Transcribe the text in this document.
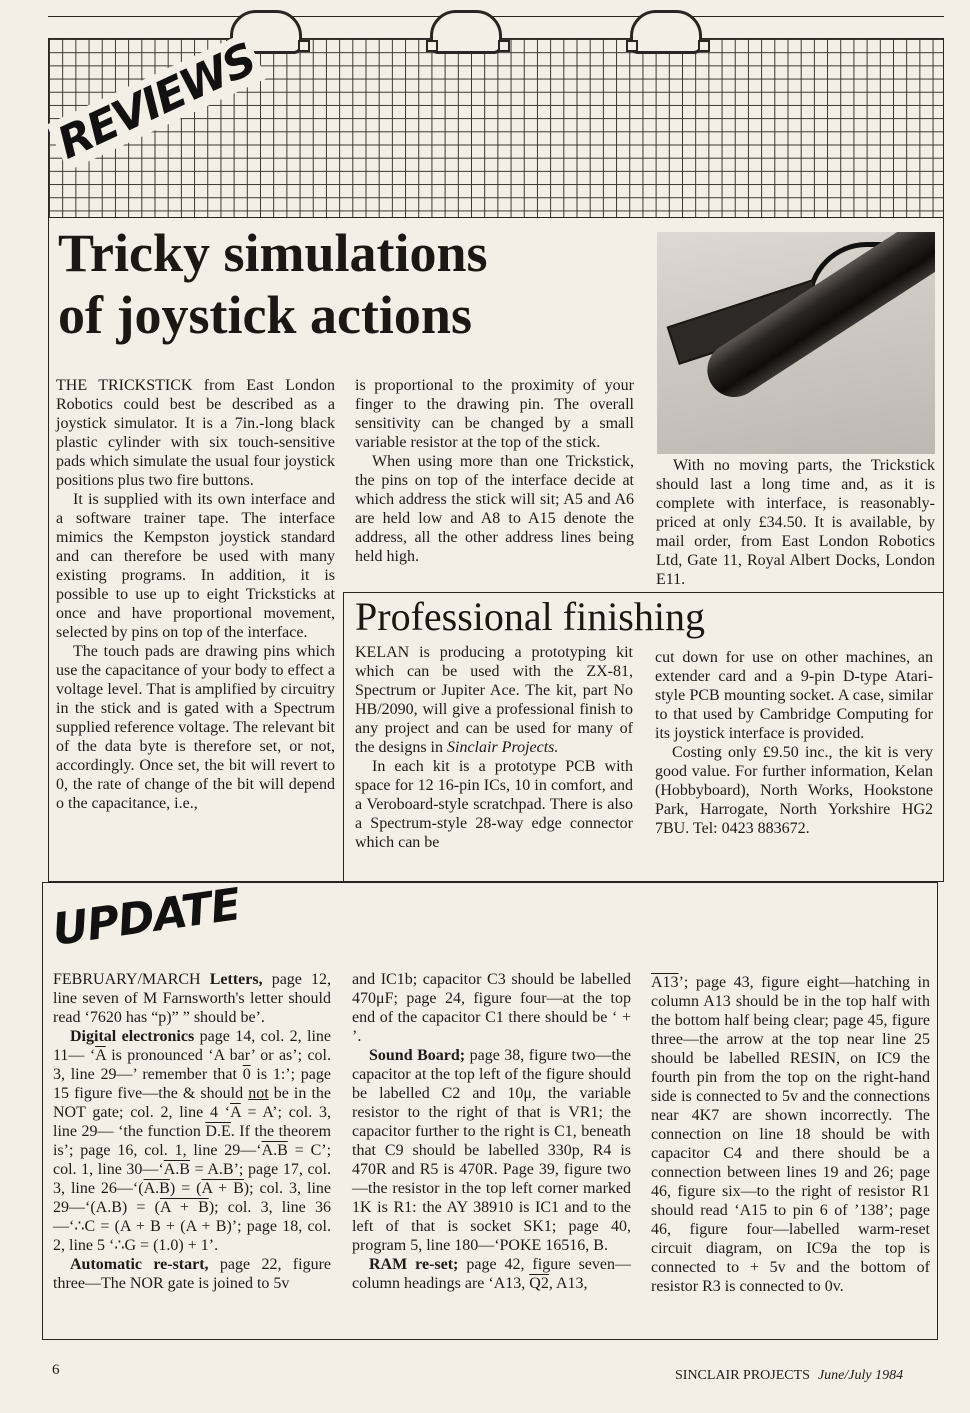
REVIEWS
Tricky simulations
of joystick actions

THE TRICKSTICK from East London Robotics could best be described as a joystick simulator. It is a 7in.-long black plastic cylinder with six touch-sensitive pads which simulate the usual four joystick positions plus two fire buttons.

It is supplied with its own interface and a software trainer tape. The interface mimics the Kempston joystick standard and can therefore be used with many existing programs. In addition, it is possible to use up to eight Tricksticks at once and have proportional movement, selected by pins on top of the interface.

The touch pads are drawing pins which use the capacitance of your body to effect a voltage level. That is amplified by circuitry in the stick and is gated with a Spectrum supplied reference voltage. The relevant bit of the data byte is therefore set, or not, accordingly. Once set, the bit will revert to 0, the rate of change of the bit will depend o the capacitance, i.e.,

is proportional to the proximity of your finger to the drawing pin. The overall sensitivity can be changed by a small variable resistor at the top of the stick.

When using more than one Trickstick, the pins on top of the interface decide at which address the stick will sit; A5 and A6 are held low and A8 to A15 denote the address, all the other address lines being held high.

With no moving parts, the Trickstick should last a long time and, as it is complete with interface, is reasonably-priced at only £34.50. It is available, by mail order, from East London Robotics Ltd, Gate 11, Royal Albert Docks, London E11.

Professional finishing

KELAN is producing a prototyping kit which can be used with the ZX-81, Spectrum or Jupiter Ace. The kit, part No HB/2090, will give a professional finish to any project and can be used for many of the designs in Sinclair Projects.

In each kit is a prototype PCB with space for 12 16-pin ICs, 10 in comfort, and a Veroboard-style scratchpad. There is also a Spectrum-style 28-way edge connector which can be

cut down for use on other machines, an extender card and a 9-pin D-type Atari-style PCB mounting socket. A case, similar to that used by Cambridge Computing for its joystick interface is provided.

Costing only £9.50 inc., the kit is very good value. For further information, Kelan (Hobbyboard), North Works, Hookstone Park, Harrogate, North Yorkshire HG2 7BU. Tel: 0423 883672.

UPDATE

FEBRUARY/MARCH Letters, page 12, line seven of M Farnsworth's letter should read ‘7620 has “p)” ” should be’.

Digital electronics page 14, col. 2, line 11— ‘$\overline{A}$ is pronounced ‘A bar’ or as’; col. 3, line 29—’ remember that 0 is 1:’; page 15 figure five—the & should not be in the NOT gate; col. 2, line 4 ‘$\overline{A} = A$’; col. 3, line 29— ‘the function D.E. If the theorem is’; page 16, col. 1, line 29—‘A.B = C’; col. 1, line 30—‘A.B = A.B’; page 17, col. 3, line 26—‘(A.B) = (A + B); col. 3, line 29—‘(A.B) = (A + B); col. 3, line 36—‘∴C = (A + B + (A + B)’; page 18, col. 2, line 5 ‘∴G = (1.0) + 1’.

Automatic re-start, page 22, figure three—The NOR gate is joined to 5v

and IC1b; capacitor C3 should be labelled 470μF; page 24, figure four—at the top end of the capacitor C1 there should be ‘ + ’.

Sound Board; page 38, figure two—the capacitor at the top left of the figure should be labelled C2 and 10μ, the variable resistor to the right of that is VR1; the capacitor further to the right is C1, beneath that C9 should be labelled 330p, R4 is 470R and R5 is 470R. Page 39, figure two—the resistor in the top left corner marked 1K is R1: the AY 38910 is IC1 and to the left of that is socket SK1; page 40, program 5, line 180—‘POKE 16516, B.

RAM re-set; page 42, figure seven—column headings are ‘A13, Q2, A13,

A13’; page 43, figure eight—hatching in column A13 should be in the top half with the bottom half being clear; page 45, figure three—the arrow at the top near line 25 should be labelled RESIN, on IC9 the fourth pin from the top on the right-hand side is connected to 5v and the connections near 4K7 are shown incorrectly. The connection on line 18 should be with capacitor C4 and there should be a connection between lines 19 and 26; page 46, figure six—to the right of resistor R1 should read ‘A15 to pin 6 of ’138’; page 46, figure four—labelled warm-reset circuit diagram, on IC9a the top is connected to + 5v and the bottom of resistor R3 is connected to 0v.

6	SINCLAIR PROJECTS June/July 1984
